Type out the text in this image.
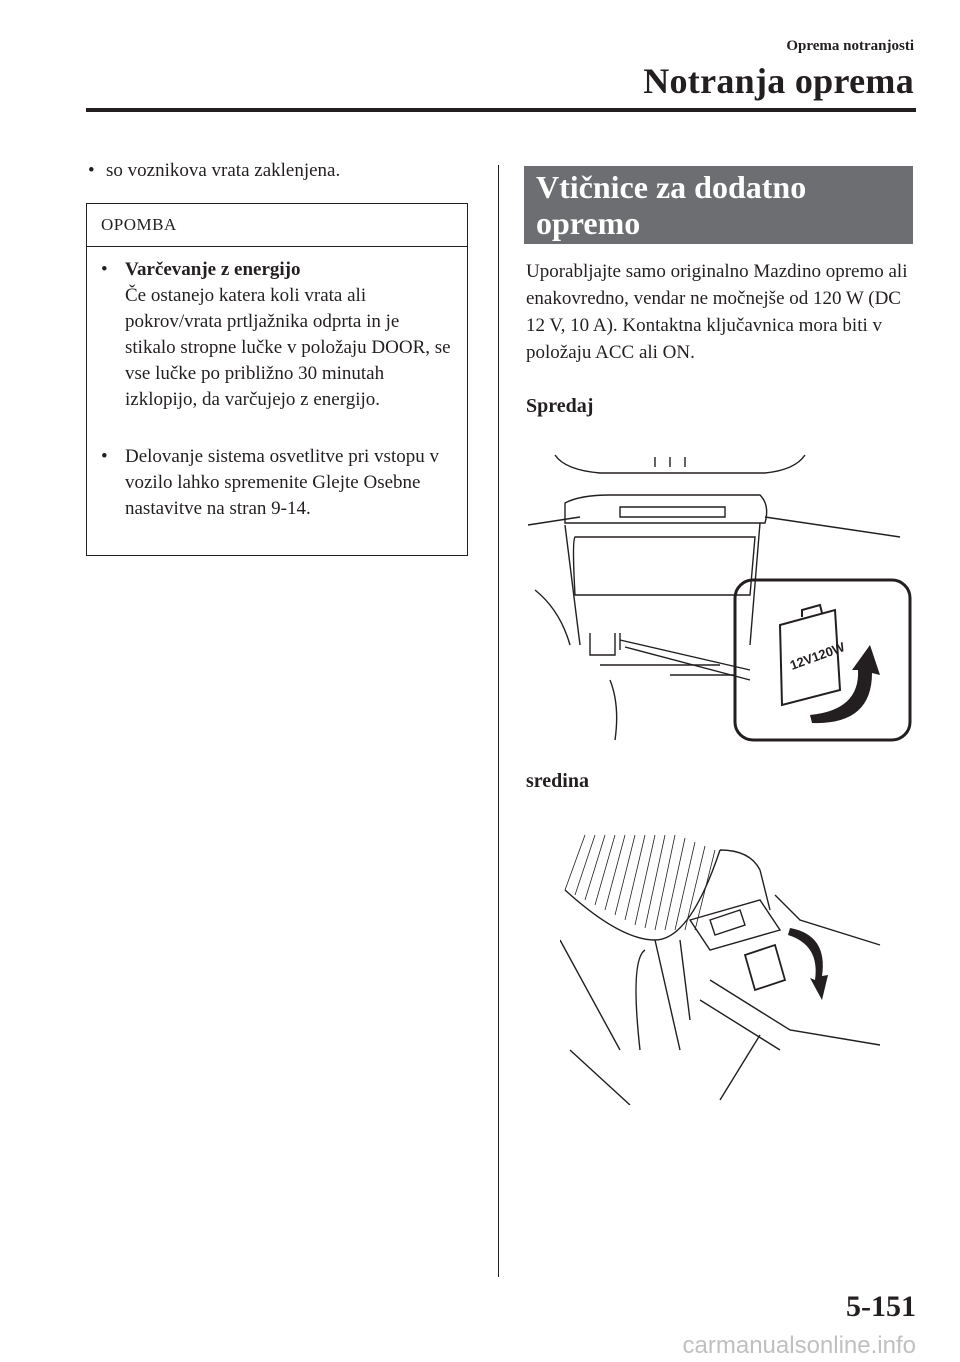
Oprema notranjosti
Notranja oprema
• so voznikova vrata zaklenjena.
OPOMBA
• Varčevanje z energijo
Če ostanejo katera koli vrata ali pokrov/vrata prtljažnika odprta in je stikalo stropne lučke v položaju DOOR, se vse lučke po približno 30 minutah izklopijo, da varčujejo z energijo.
• Delovanje sistema osvetlitve pri vstopu v vozilo lahko spremenite Glejte Osebne nastavitve na stran 9-14.
Vtičnice za dodatno opremo
Uporabljajte samo originalno Mazdino opremo ali enakovredno, vendar ne močnejše od 120 W (DC 12 V, 10 A). Kontaktna ključavnica mora biti v položaju ACC ali ON.
Spredaj
12V120W
sredina
5-151
carmanualsonline.info
